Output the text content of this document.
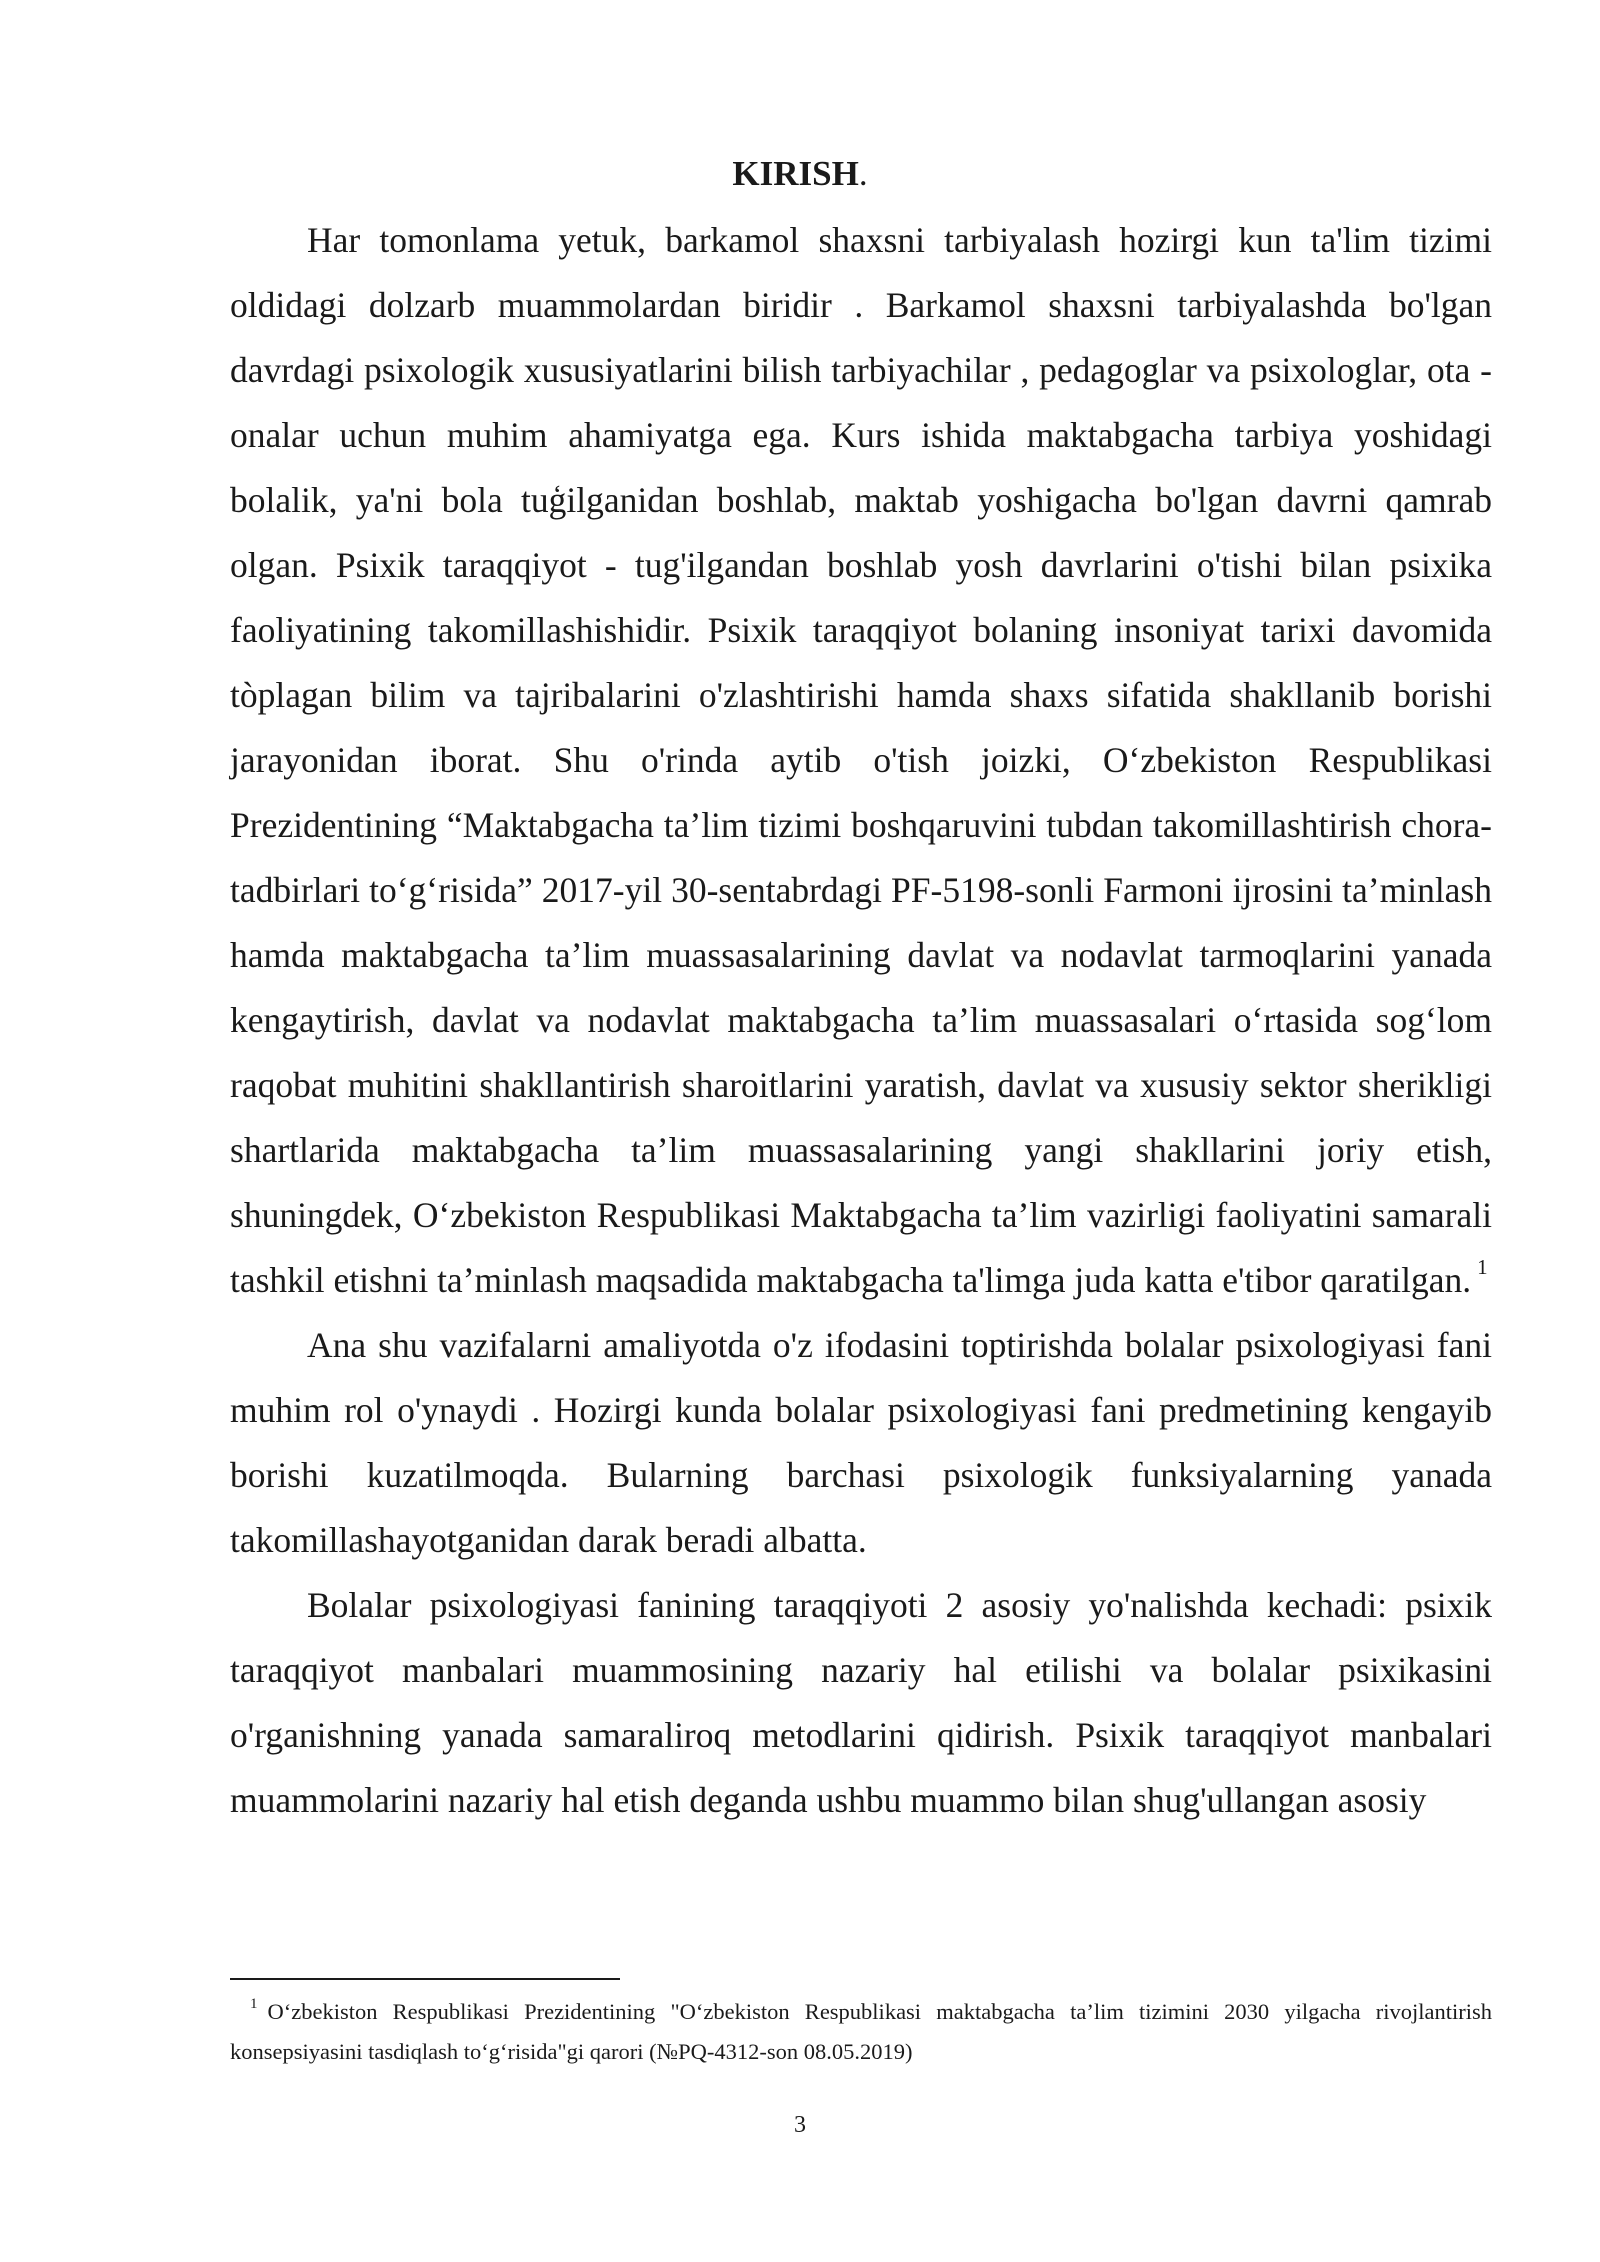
KIRISH.

Har tomonlama yetuk, barkamol shaxsni tarbiyalash hozirgi kun ta'lim tizimi oldidagi dolzarb muammolardan biridir . Barkamol shaxsni tarbiyalashda bo'lgan davrdagi psixologik xususiyatlarini bilish tarbiyachilar , pedagoglar va psixologlar, ota - onalar uchun muhim ahamiyatga ega. Kurs ishida maktabgacha tarbiya yoshidagi bolalik, ya'ni bola tuģilganidan boshlab, maktab yoshigacha bo'lgan davrni qamrab olgan. Psixik taraqqiyot - tug'ilgandan boshlab yosh davrlarini o'tishi bilan psixika faoliyatining takomillashishidir. Psixik taraqqiyot bolaning insoniyat tarixi davomida tòplagan bilim va tajribalarini o'zlashtirishi hamda shaxs sifatida shakllanib borishi jarayonidan iborat. Shu o'rinda aytib o'tish joizki, O‘zbekiston Respublikasi Prezidentining “Maktabgacha ta’lim tizimi boshqaruvini tubdan takomillashtirish chora-tadbirlari to‘g‘risida” 2017-yil 30-sentabrdagi PF-5198-sonli Farmoni ijrosini ta’minlash hamda maktabgacha ta’lim muassasalarining davlat va nodavlat tarmoqlarini yanada kengaytirish, davlat va nodavlat maktabgacha ta’lim muassasalari o‘rtasida sog‘lom raqobat muhitini shakllantirish sharoitlarini yaratish, davlat va xususiy sektor sherikligi shartlarida maktabgacha ta’lim muassasalarining yangi shakllarini joriy etish, shuningdek, O‘zbekiston Respublikasi Maktabgacha ta’lim vazirligi faoliyatini samarali tashkil etishni ta’minlash maqsadida maktabgacha ta'limga juda katta e'tibor qaratilgan. $^1$

Ana shu vazifalarni amaliyotda o'z ifodasini toptirishda bolalar psixologiyasi fani muhim rol o'ynaydi . Hozirgi kunda bolalar psixologiyasi fani predmetining kengayib borishi kuzatilmoqda. Bularning barchasi psixologik funksiyalarning yanada takomillashayotganidan darak beradi albatta.

Bolalar psixologiyasi fanining taraqqiyoti 2 asosiy yo'nalishda kechadi: psixik taraqqiyot manbalari muammosining nazariy hal etilishi va bolalar psixikasini o'rganishning yanada samaraliroq metodlarini qidirish. Psixik taraqqiyot manbalari muammolarini nazariy hal etish deganda ushbu muammo bilan shug'ullangan asosiy

$^1$ O‘zbekiston Respublikasi Prezidentining "O‘zbekiston Respublikasi maktabgacha ta’lim tizimini 2030 yilgacha rivojlantirish konsepsiyasini tasdiqlash to‘g‘risida"gi qarori (№PQ-4312-son 08.05.2019)
3
